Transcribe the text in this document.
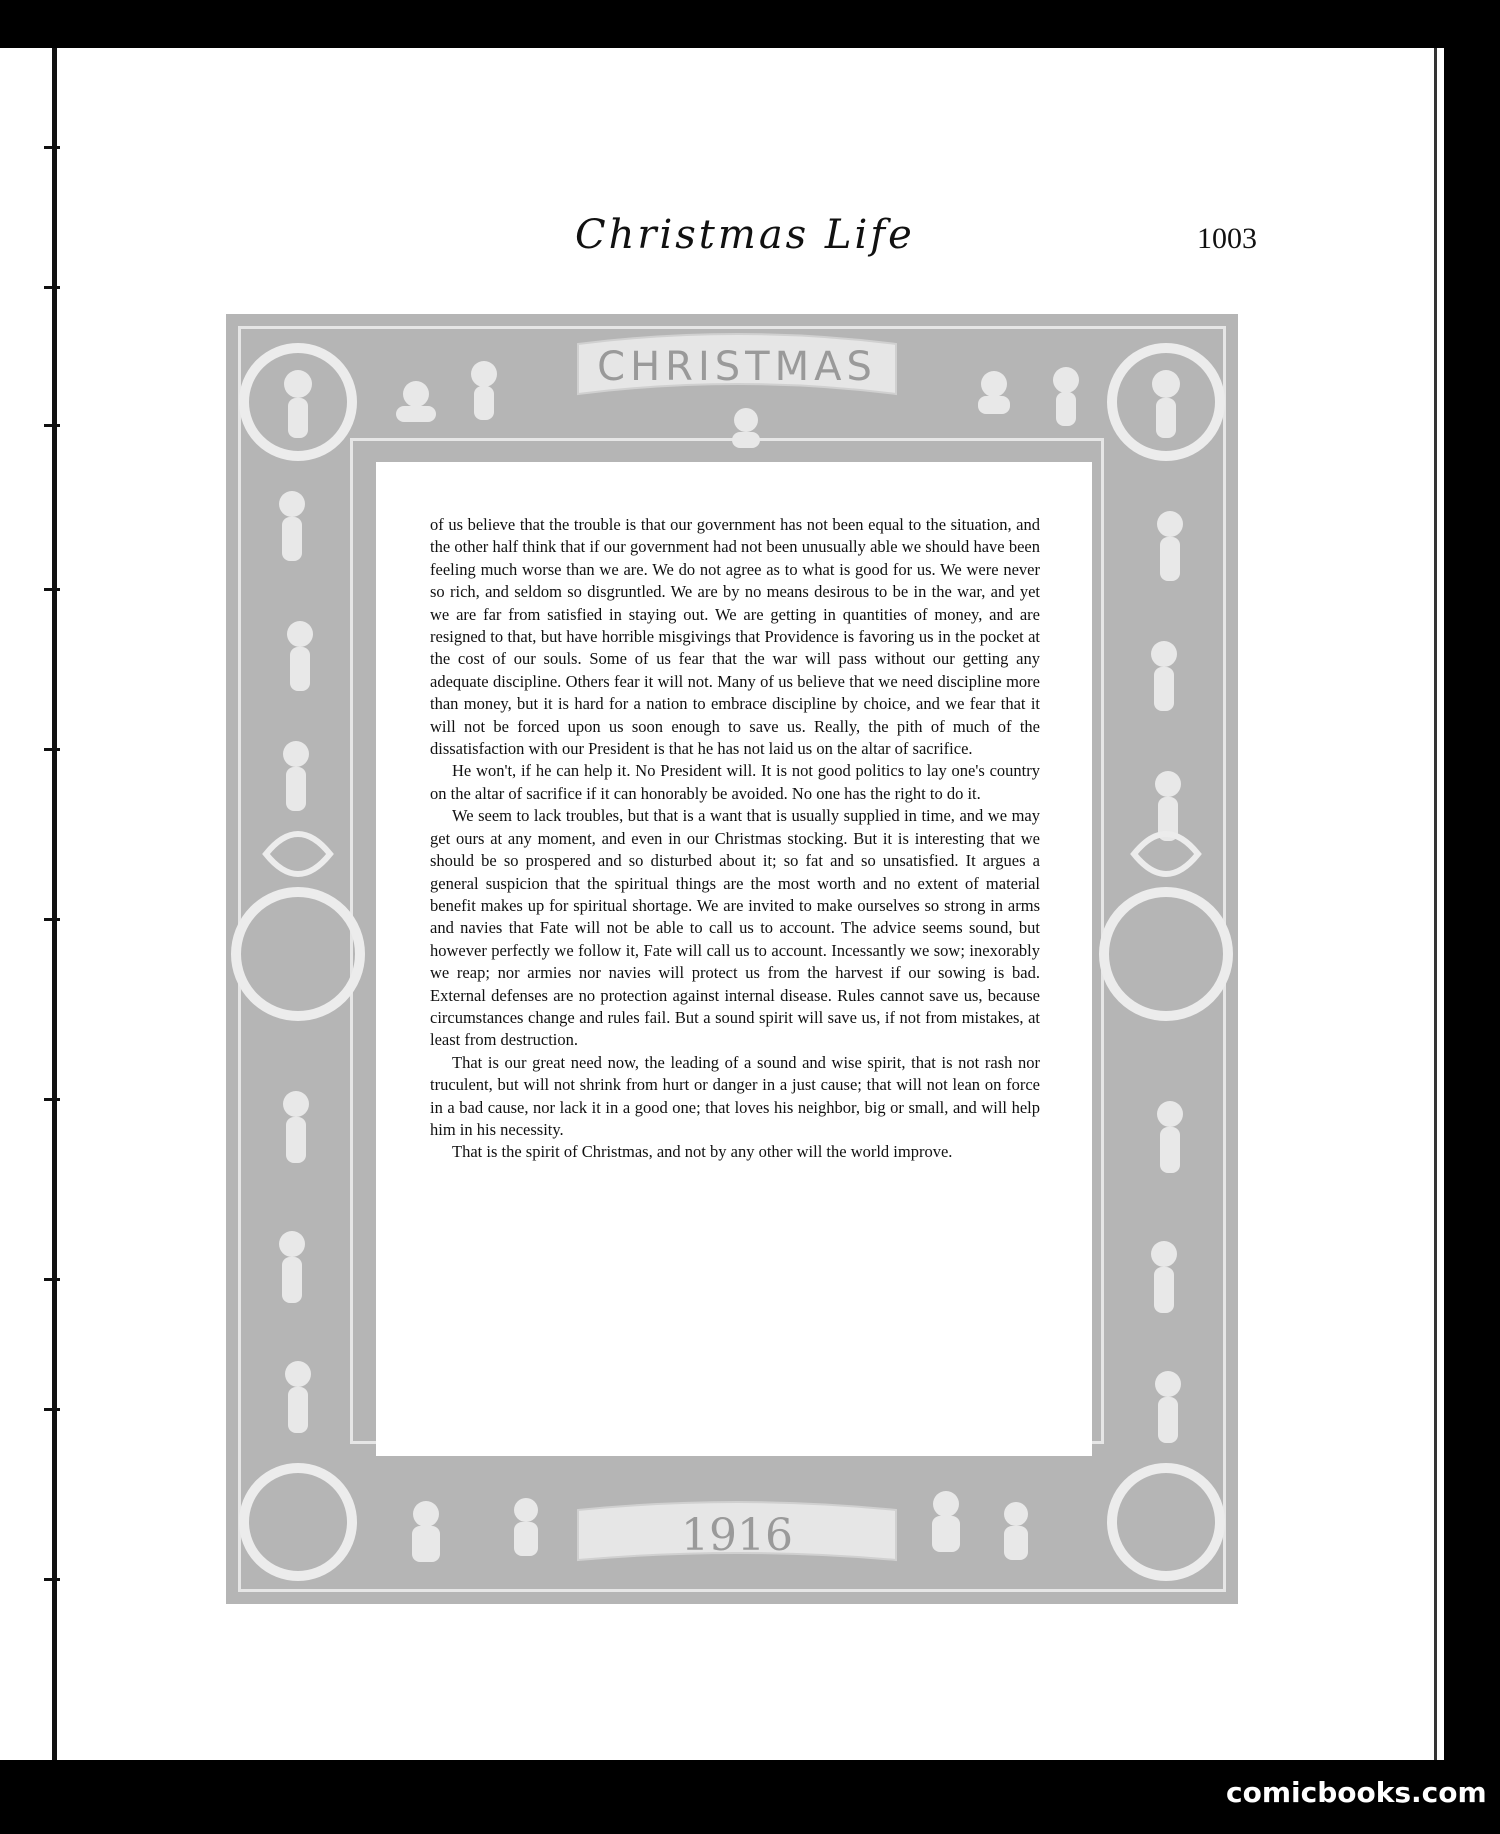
Christmas Life	1003
CHRISTMAS
1916

of us believe that the trouble is that our government has not been equal to the situation, and the other half think that if our government had not been unusually able we should have been feeling much worse than we are. We do not agree as to what is good for us. We were never so rich, and seldom so disgruntled. We are by no means desirous to be in the war, and yet we are far from satisfied in staying out. We are getting in quantities of money, and are resigned to that, but have horrible misgivings that Providence is favoring us in the pocket at the cost of our souls. Some of us fear that the war will pass without our getting any adequate discipline. Others fear it will not. Many of us believe that we need discipline more than money, but it is hard for a nation to embrace discipline by choice, and we fear that it will not be forced upon us soon enough to save us. Really, the pith of much of the dissatisfaction with our President is that he has not laid us on the altar of sacrifice.

He won't, if he can help it. No President will. It is not good politics to lay one's country on the altar of sacrifice if it can honorably be avoided. No one has the right to do it.

We seem to lack troubles, but that is a want that is usually supplied in time, and we may get ours at any moment, and even in our Christmas stocking. But it is interesting that we should be so prospered and so disturbed about it; so fat and so unsatisfied. It argues a general suspicion that the spiritual things are the most worth and no extent of material benefit makes up for spiritual shortage. We are invited to make ourselves so strong in arms and navies that Fate will not be able to call us to account. The advice seems sound, but however perfectly we follow it, Fate will call us to account. Incessantly we sow; inexorably we reap; nor armies nor navies will protect us from the harvest if our sowing is bad. External defenses are no protection against internal disease. Rules cannot save us, because circumstances change and rules fail. But a sound spirit will save us, if not from mistakes, at least from destruction.

That is our great need now, the leading of a sound and wise spirit, that is not rash nor truculent, but will not shrink from hurt or danger in a just cause; that will not lean on force in a bad cause, nor lack it in a good one; that loves his neighbor, big or small, and will help him in his necessity.

That is the spirit of Christmas, and not by any other will the world improve.

comicbooks.com
